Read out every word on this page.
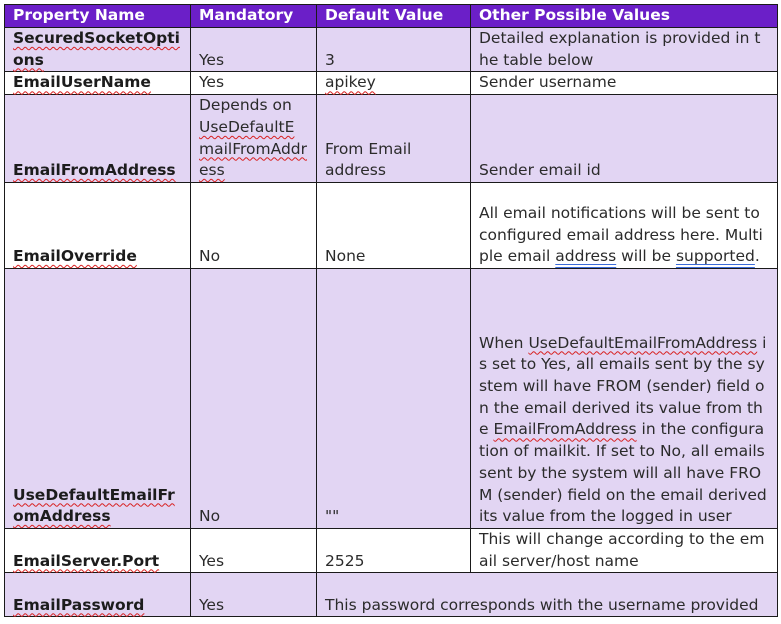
Property Name	Mandatory	Default Value	Other Possible Values
SecuredSocketOptions	Yes	3	Detailed explanation is provided in the table below
EmailUserName	Yes	apikey	Sender username
EmailFromAddress	Depends on UseDefaultEmailFromAddress	From Email address	Sender email id
EmailOverride	No	None	All email notifications will be sent to configured email address here. Multiple email address will be supported.
UseDefaultEmailFromAddress	No	""	When UseDefaultEmailFromAddress is set to Yes, all emails sent by the system will have FROM (sender) field on the email derived its value from the EmailFromAddress in the configuration of mailkit. If set to No, all emails sent by the system will all have FROM (sender) field on the email derived its value from the logged in user
EmailServer.Port	Yes	2525	This will change according to the email server/host name
EmailPassword	Yes	This password corresponds with the username provided	
